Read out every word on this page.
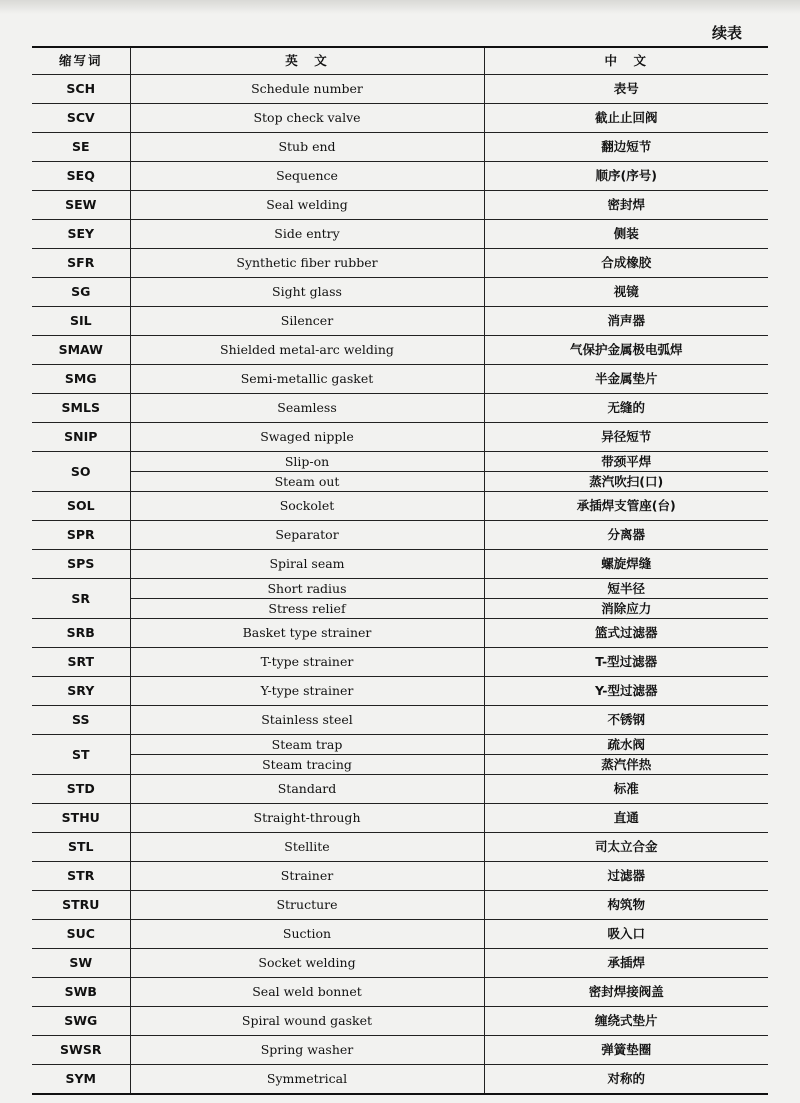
续表
缩写词	英　文	中　文
SCH	Schedule number	表号
SCV	Stop check valve	截止止回阀
SE	Stub end	翻边短节
SEQ	Sequence	顺序(序号)
SEW	Seal welding	密封焊
SEY	Side entry	侧装
SFR	Synthetic fiber rubber	合成橡胶
SG	Sight glass	视镜
SIL	Silencer	消声器
SMAW	Shielded metal-arc welding	气保护金属极电弧焊
SMG	Semi-metallic gasket	半金属垫片
SMLS	Seamless	无缝的
SNIP	Swaged nipple	异径短节
SO	Slip-on	带颈平焊
	Steam out	蒸汽吹扫(口)
SOL	Sockolet	承插焊支管座(台)
SPR	Separator	分离器
SPS	Spiral seam	螺旋焊缝
SR	Short radius	短半径
	Stress relief	消除应力
SRB	Basket type strainer	篮式过滤器
SRT	T-type strainer	T-型过滤器
SRY	Y-type strainer	Y-型过滤器
SS	Stainless steel	不锈钢
ST	Steam trap	疏水阀
	Steam tracing	蒸汽伴热
STD	Standard	标准
STHU	Straight-through	直通
STL	Stellite	司太立合金
STR	Strainer	过滤器
STRU	Structure	构筑物
SUC	Suction	吸入口
SW	Socket welding	承插焊
SWB	Seal weld bonnet	密封焊接阀盖
SWG	Spiral wound gasket	缠绕式垫片
SWSR	Spring washer	弹簧垫圈
SYM	Symmetrical	对称的
